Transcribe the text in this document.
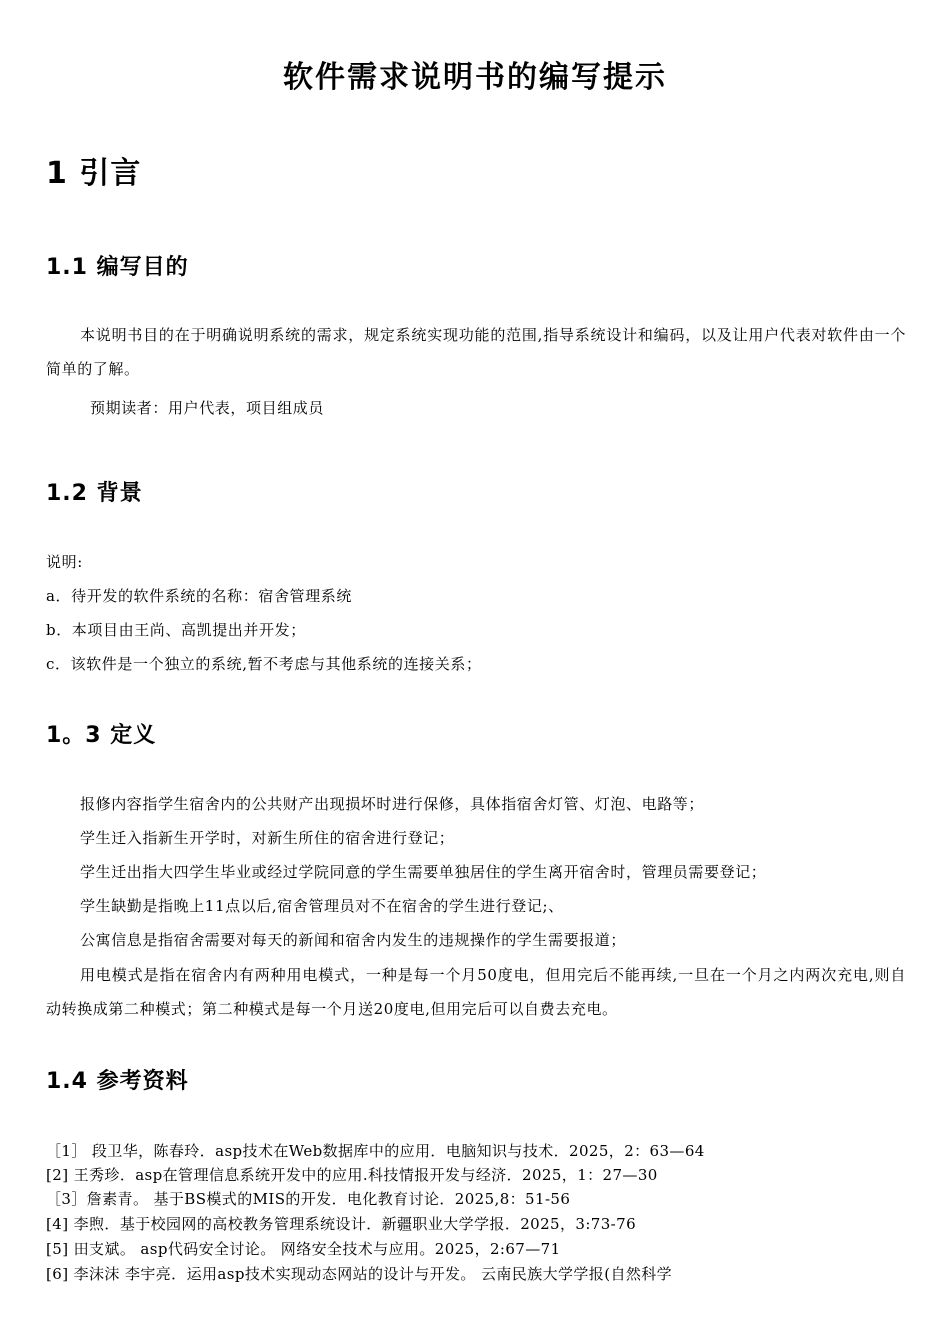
软件需求说明书的编写提示
1 引言
1.1 编写目的

本说明书目的在于明确说明系统的需求，规定系统实现功能的范围,指导系统设计和编码，以及让用户代表对软件由一个简单的了解。

预期读者：用户代表，项目组成员

1.2 背景

说明:

a．待开发的软件系统的名称：宿舍管理系统

b．本项目由王尚、高凯提出并开发；

c．该软件是一个独立的系统,暂不考虑与其他系统的连接关系；

1。3 定义

报修内容指学生宿舍内的公共财产出现损坏时进行保修，具体指宿舍灯管、灯泡、电路等；

学生迁入指新生开学时，对新生所住的宿舍进行登记；

学生迁出指大四学生毕业或经过学院同意的学生需要单独居住的学生离开宿舍时，管理员需要登记；

学生缺勤是指晚上11点以后,宿舍管理员对不在宿舍的学生进行登记;、

公寓信息是指宿舍需要对每天的新闻和宿舍内发生的违规操作的学生需要报道；

用电模式是指在宿舍内有两种用电模式，一种是每一个月50度电，但用完后不能再续,一旦在一个月之内两次充电,则自动转换成第二种模式；第二种模式是每一个月送20度电,但用完后可以自费去充电。

1.4 参考资料

［1］ 段卫华，陈春玲．asp技术在Web数据库中的应用．电脑知识与技术．2025，2：63—64

[2] 王秀珍．asp在管理信息系统开发中的应用.科技情报开发与经济．2025，1：27—30

［3］詹素青。 基于BS模式的MIS的开发．电化教育讨论．2025,8：51-56

[4] 李煦．基于校园网的高校教务管理系统设计．新疆职业大学学报．2025，3:73-76

[5] 田支斌。 asp代码安全讨论。 网络安全技术与应用。2025，2:67—71

[6] 李沫沫 李宇亮．运用asp技术实现动态网站的设计与开发。 云南民族大学学报(自然科学
